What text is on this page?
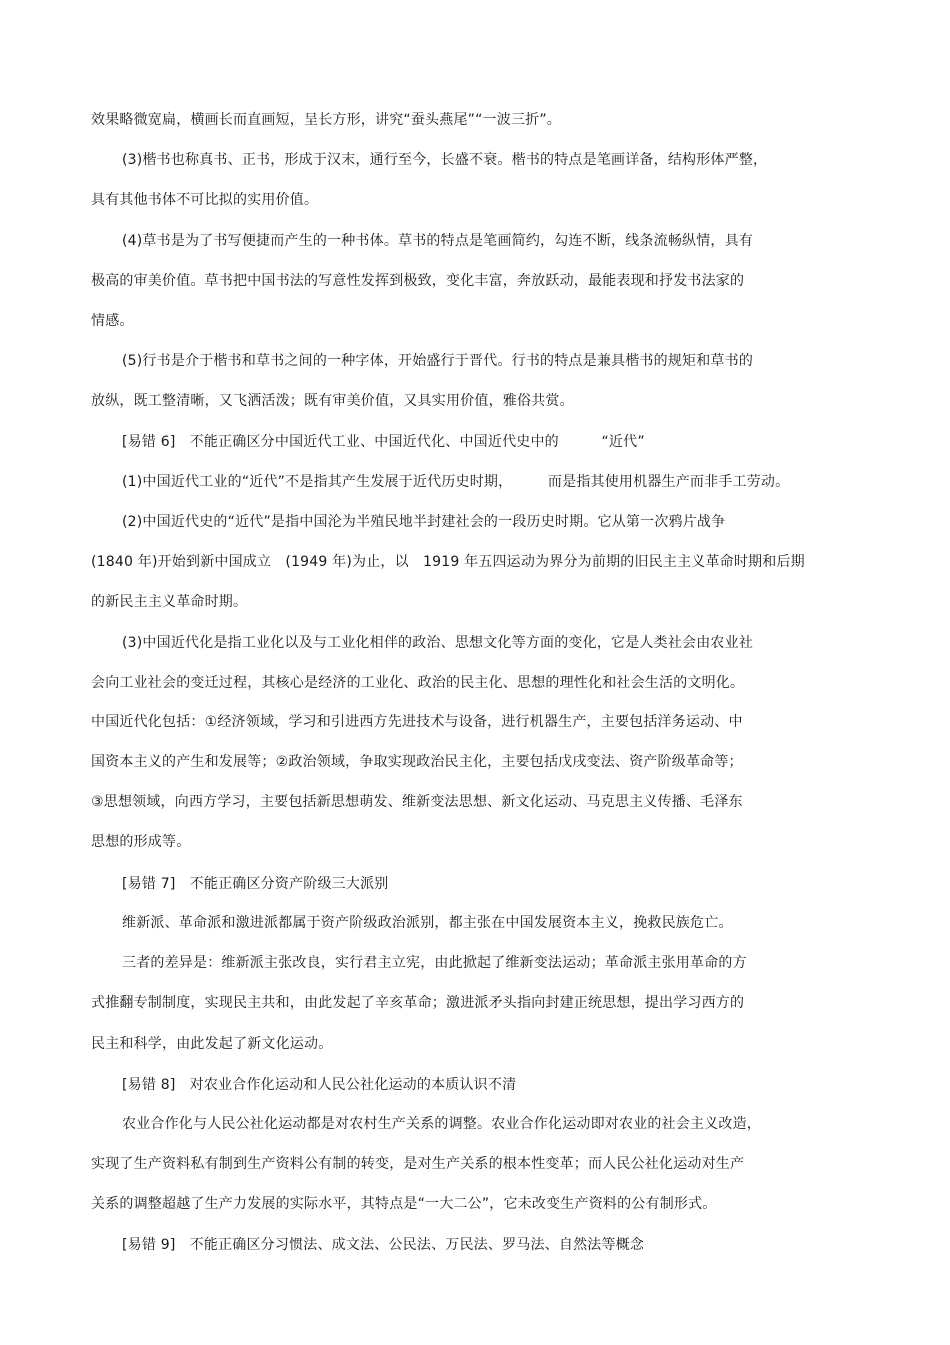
效果略微宽扁，横画长而直画短，呈长方形，讲究“蚕头燕尾”“一波三折”。
(3)楷书也称真书、正书，形成于汉末，通行至今，长盛不衰。楷书的特点是笔画详备，结构形体严整，
具有其他书体不可比拟的实用价值。
(4)草书是为了书写便捷而产生的一种书体。草书的特点是笔画简约，勾连不断，线条流畅纵情，具有
极高的审美价值。草书把中国书法的写意性发挥到极致，变化丰富，奔放跃动，最能表现和抒发书法家的
情感。
(5)行书是介于楷书和草书之间的一种字体，开始盛行于晋代。行书的特点是兼具楷书的规矩和草书的
放纵，既工整清晰，又飞洒活泼；既有审美价值，又具实用价值，雅俗共赏。
[易错 6]　不能正确区分中国近代工业、中国近代化、中国近代史中的　　　“近代”
(1)中国近代工业的“近代”不是指其产生发展于近代历史时期，　　　而是指其使用机器生产而非手工劳动。
(2)中国近代史的“近代”是指中国沦为半殖民地半封建社会的一段历史时期。它从第一次鸦片战争
(1840 年)开始到新中国成立　(1949 年)为止，以　1919 年五四运动为界分为前期的旧民主主义革命时期和后期
的新民主主义革命时期。
(3)中国近代化是指工业化以及与工业化相伴的政治、思想文化等方面的变化，它是人类社会由农业社
会向工业社会的变迁过程，其核心是经济的工业化、政治的民主化、思想的理性化和社会生活的文明化。
中国近代化包括：①经济领域，学习和引进西方先进技术与设备，进行机器生产，主要包括洋务运动、中
国资本主义的产生和发展等；②政治领域，争取实现政治民主化，主要包括戊戌变法、资产阶级革命等；
③思想领域，向西方学习，主要包括新思想萌发、维新变法思想、新文化运动、马克思主义传播、毛泽东
思想的形成等。
[易错 7]　不能正确区分资产阶级三大派别
维新派、革命派和激进派都属于资产阶级政治派别，都主张在中国发展资本主义，挽救民族危亡。
三者的差异是：维新派主张改良，实行君主立宪，由此掀起了维新变法运动；革命派主张用革命的方
式推翻专制制度，实现民主共和，由此发起了辛亥革命；激进派矛头指向封建正统思想，提出学习西方的
民主和科学，由此发起了新文化运动。
[易错 8]　对农业合作化运动和人民公社化运动的本质认识不清
农业合作化与人民公社化运动都是对农村生产关系的调整。农业合作化运动即对农业的社会主义改造，
实现了生产资料私有制到生产资料公有制的转变，是对生产关系的根本性变革；而人民公社化运动对生产
关系的调整超越了生产力发展的实际水平，其特点是“一大二公”，它未改变生产资料的公有制形式。
[易错 9]　不能正确区分习惯法、成文法、公民法、万民法、罗马法、自然法等概念
